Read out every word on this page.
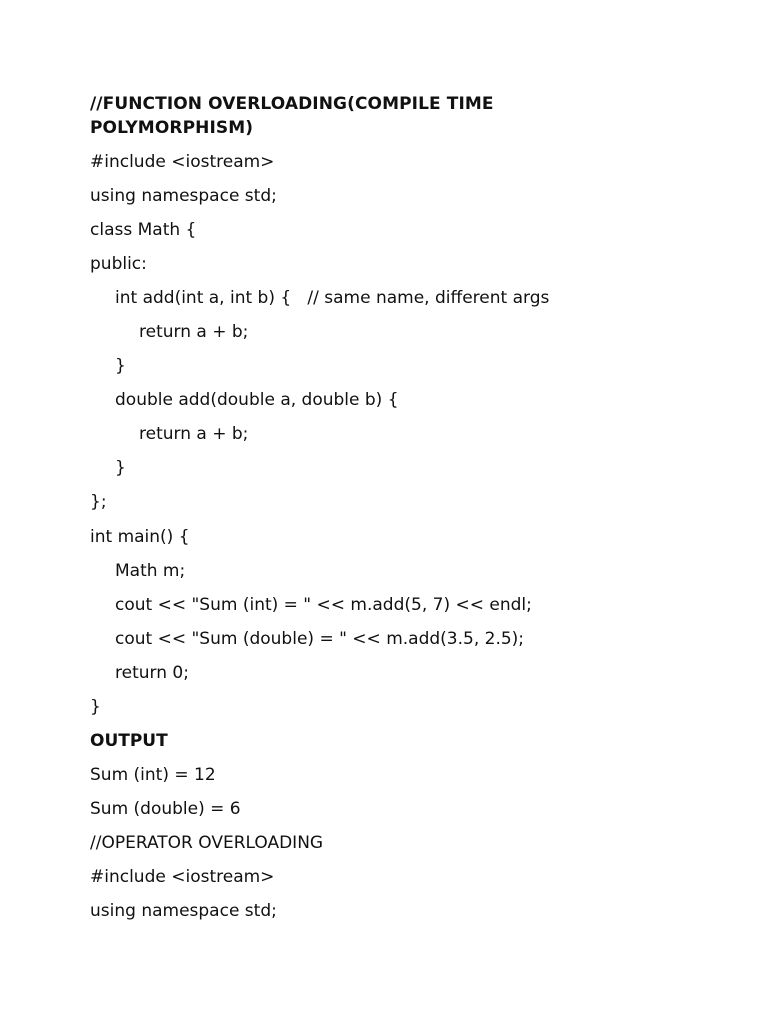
//FUNCTION OVERLOADING(COMPILE TIME POLYMORPHISM)
#include <iostream>
using namespace std;
class Math {
public:
int add(int a, int b) {   // same name, different args
return a + b;
}
double add(double a, double b) {
return a + b;
}
};
int main() {
Math m;
cout << "Sum (int) = " << m.add(5, 7) << endl;
cout << "Sum (double) = " << m.add(3.5, 2.5);
return 0;
}
OUTPUT
Sum (int) = 12
Sum (double) = 6
//OPERATOR OVERLOADING
#include <iostream>
using namespace std;
